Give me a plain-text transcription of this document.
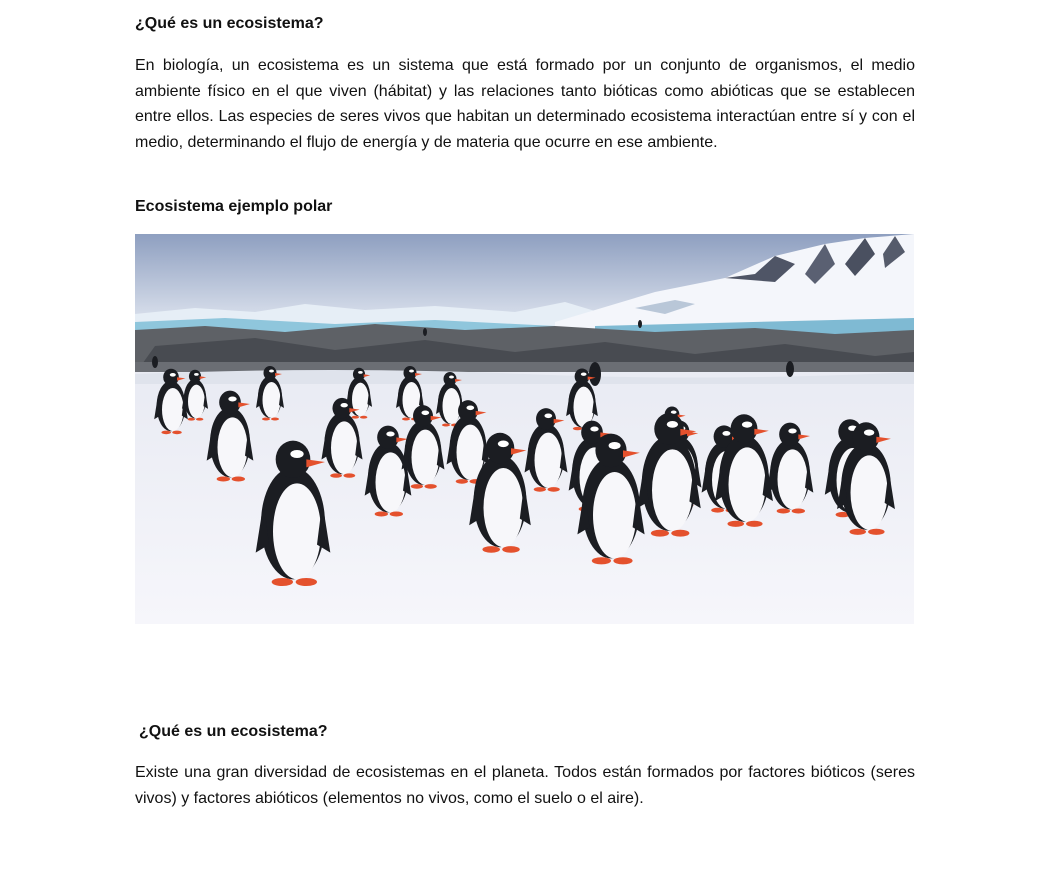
¿Qué es un ecosistema?

En biología, un ecosistema es un sistema que está formado por un conjunto de organismos, el medio ambiente físico en el que viven (hábitat) y las relaciones tanto bióticas como abióticas que se establecen entre ellos. Las especies de seres vivos que habitan un determinado ecosistema interactúan entre sí y con el medio, determinando el flujo de energía y de materia que ocurre en ese ambiente.

Ecosistema ejemplo polar
¿Qué es un ecosistema?

Existe una gran diversidad de ecosistemas en el planeta. Todos están formados por factores bióticos (seres vivos) y factores abióticos (elementos no vivos, como el suelo o el aire).
